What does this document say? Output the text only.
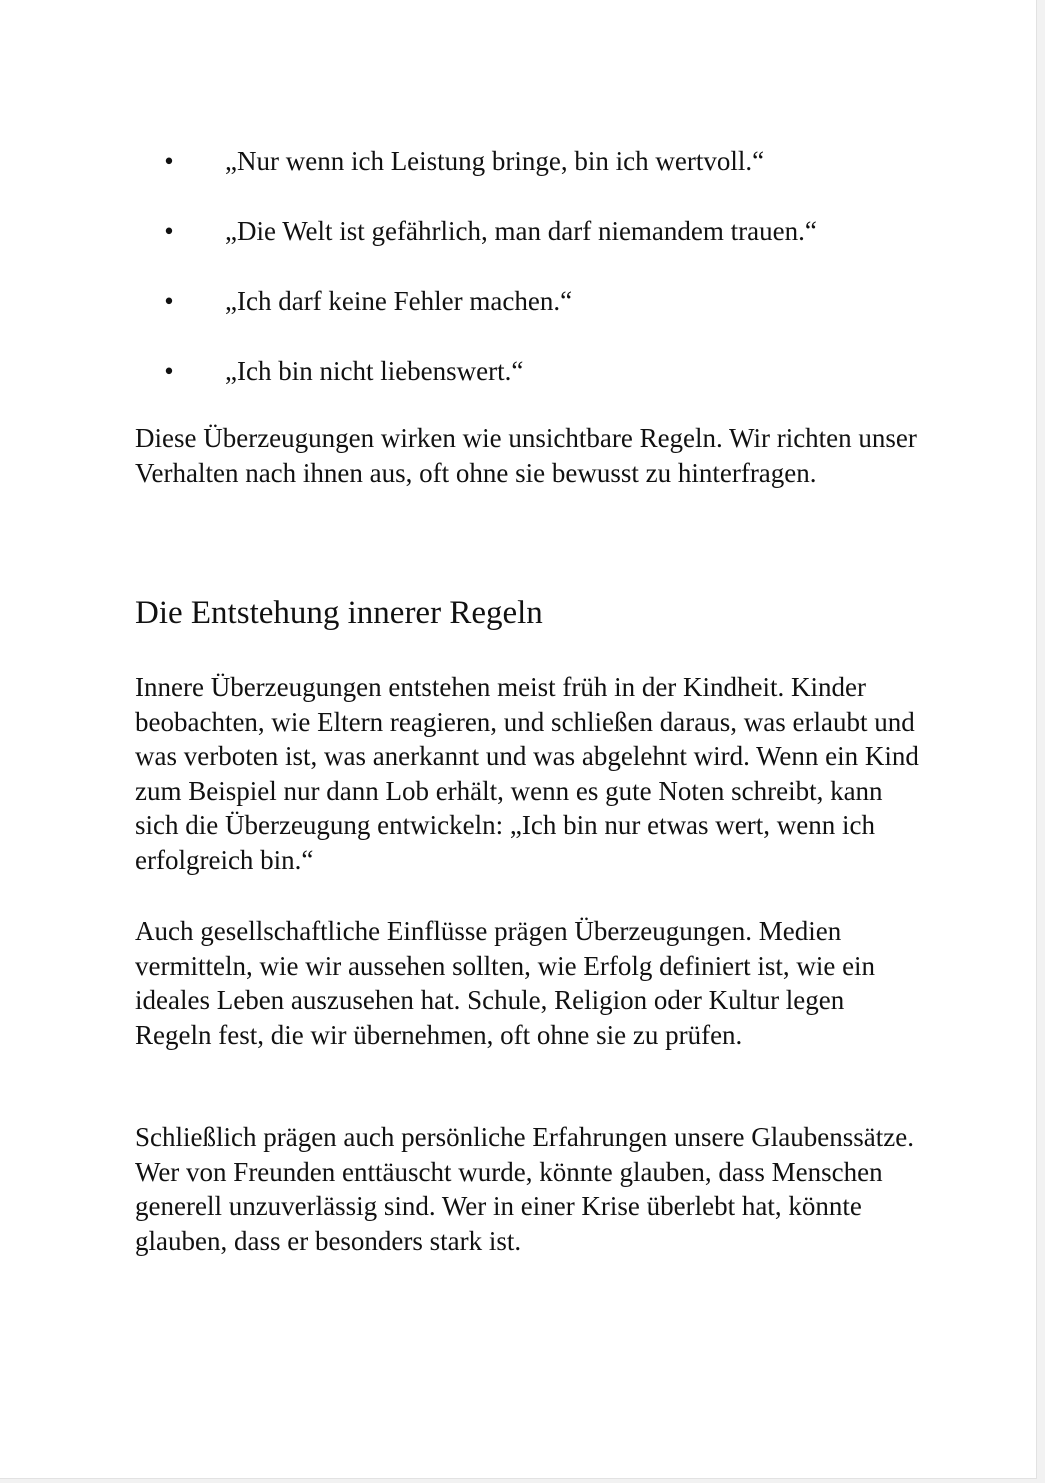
• „Nur wenn ich Leistung bringe, bin ich wertvoll.“
• „Die Welt ist gefährlich, man darf niemandem trauen.“
• „Ich darf keine Fehler machen.“
• „Ich bin nicht liebenswert.“

Diese Überzeugungen wirken wie unsichtbare Regeln. Wir richten unser Verhalten nach ihnen aus, oft ohne sie bewusst zu hinterfragen.

Die Entstehung innerer Regeln

Innere Überzeugungen entstehen meist früh in der Kindheit. Kinder beobachten, wie Eltern reagieren, und schließen daraus, was erlaubt und was verboten ist, was anerkannt und was abgelehnt wird. Wenn ein Kind zum Beispiel nur dann Lob erhält, wenn es gute Noten schreibt, kann sich die Überzeugung entwickeln: „Ich bin nur etwas wert, wenn ich erfolgreich bin.“

Auch gesellschaftliche Einflüsse prägen Überzeugungen. Medien vermitteln, wie wir aussehen sollten, wie Erfolg definiert ist, wie ein ideales Leben auszusehen hat. Schule, Religion oder Kultur legen Regeln fest, die wir übernehmen, oft ohne sie zu prüfen.

Schließlich prägen auch persönliche Erfahrungen unsere Glaubenssätze. Wer von Freunden enttäuscht wurde, könnte glauben, dass Menschen generell unzuverlässig sind. Wer in einer Krise überlebt hat, könnte glauben, dass er besonders stark ist.
